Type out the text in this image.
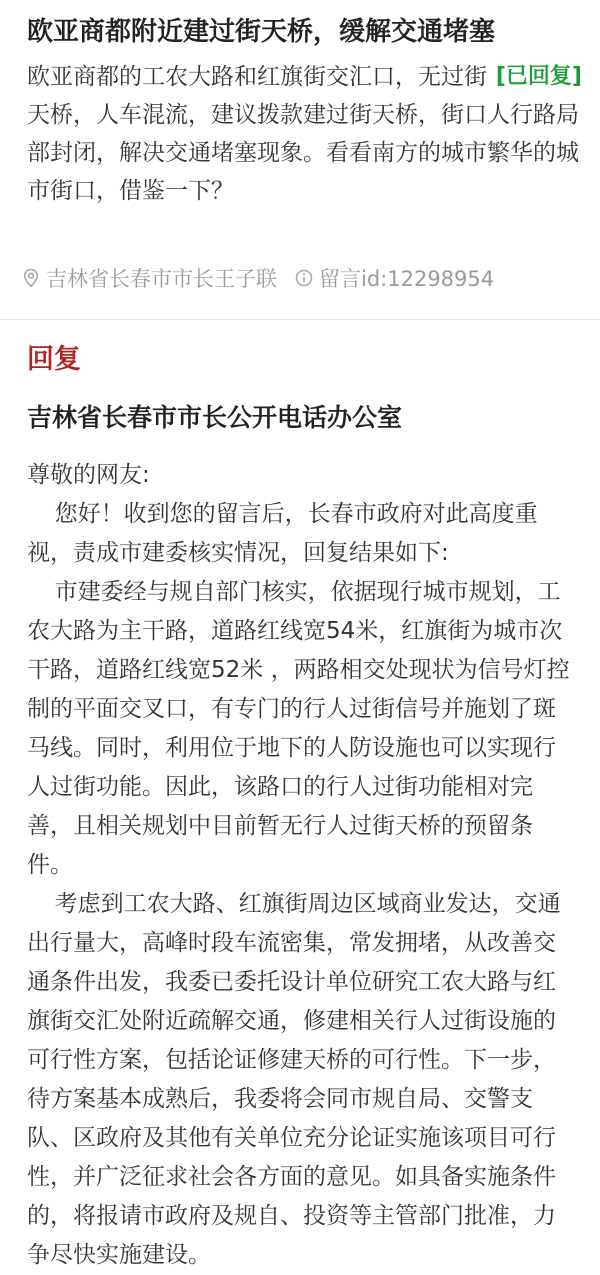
欧亚商都附近建过街天桥，缓解交通堵塞
[已回复]
欧亚商都的工农大路和红旗街交汇口，无过街天桥，人车混流，建议拨款建过街天桥，街口人行路局部封闭，解决交通堵塞现象。看看南方的城市繁华的城市街口，借鉴一下？
吉林省长春市市长王子联 留言id:12298954
回复
吉林省长春市市长公开电话办公室

尊敬的网友:

您好！收到您的留言后，长春市政府对此高度重视，责成市建委核实情况，回复结果如下:

市建委经与规自部门核实，依据现行城市规划，工农大路为主干路，道路红线宽54米，红旗街为城市次干路，道路红线宽52米 ，两路相交处现状为信号灯控制的平面交叉口，有专门的行人过街信号并施划了斑马线。同时，利用位于地下的人防设施也可以实现行人过街功能。因此，该路口的行人过街功能相对完善，且相关规划中目前暂无行人过街天桥的预留条件。

考虑到工农大路、红旗街周边区域商业发达，交通出行量大，高峰时段车流密集，常发拥堵，从改善交通条件出发，我委已委托设计单位研究工农大路与红旗街交汇处附近疏解交通，修建相关行人过街设施的可行性方案，包括论证修建天桥的可行性。下一步，待方案基本成熟后，我委将会同市规自局、交警支队、区政府及其他有关单位充分论证实施该项目可行性，并广泛征求社会各方面的意见。如具备实施条件的，将报请市政府及规自、投资等主管部门批准，力争尽快实施建设。
